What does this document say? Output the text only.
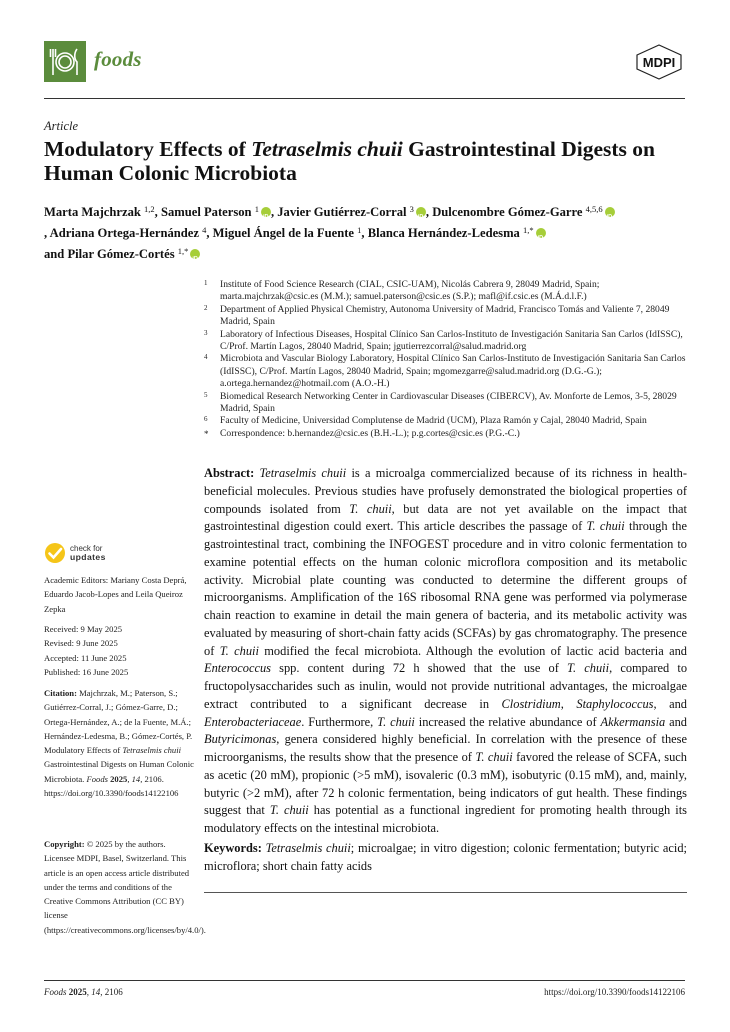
foods	MDPI
Article
Modulatory Effects of Tetraselmis chuii Gastrointestinal Digests on Human Colonic Microbiota
Marta Majchrzak $^{1,2}$, Samuel Paterson $^1$ iD , Javier Gutiérrez-Corral $^3$ iD , Dulcenombre Gómez-Garre $^{4,5,6}$iD
, Adriana Ortega-Hernández $^4$, Miguel Ángel de la Fuente $^1$, Blanca Hernández-Ledesma $^{1,*}$iD
and Pilar Gómez-Cortés $^{1,*}$iD
1 Institute of Food Science Research (CIAL, CSIC-UAM), Nicolás Cabrera 9, 28049 Madrid, Spain; marta.majchrzak@csic.es (M.M.); samuel.paterson@csic.es (S.P.); mafl@if.csic.es (M.Á.d.l.F.)
2 Department of Applied Physical Chemistry, Autonoma University of Madrid, Francisco Tomás and Valiente 7, 28049 Madrid, Spain
3 Laboratory of Infectious Diseases, Hospital Clínico San Carlos-Instituto de Investigación Sanitaria San Carlos (IdISSC), C/Prof. Martín Lagos, 28040 Madrid, Spain; jgutierrezcorral@salud.madrid.org
4 Microbiota and Vascular Biology Laboratory, Hospital Clínico San Carlos-Instituto de Investigación Sanitaria San Carlos (IdISSC), C/Prof. Martín Lagos, 28040 Madrid, Spain; mgomezgarre@salud.madrid.org (D.G.-G.); a.ortega.hernandez@hotmail.com (A.O.-H.)
5 Biomedical Research Networking Center in Cardiovascular Diseases (CIBERCV), Av. Monforte de Lemos, 3-5, 28029 Madrid, Spain
6 Faculty of Medicine, Universidad Complutense de Madrid (UCM), Plaza Ramón y Cajal, 28040 Madrid, Spain
* Correspondence: b.hernandez@csic.es (B.H.-L.); p.g.cortes@csic.es (P.G.-C.)
check for
updates
Academic Editors: Mariany Costa Deprá, Eduardo Jacob-Lopes and Leila Queiroz Zepka
Received: 9 May 2025
Revised: 9 June 2025
Accepted: 11 June 2025
Published: 16 June 2025
Citation: Majchrzak, M.; Paterson, S.; Gutiérrez-Corral, J.; Gómez-Garre, D.; Ortega-Hernández, A.; de la Fuente, M.Á.; Hernández-Ledesma, B.; Gómez-Cortés, P. Modulatory Effects of Tetraselmis chuii Gastrointestinal Digests on Human Colonic Microbiota. Foods 2025, 14, 2106. https://doi.org/10.3390/foods14122106
Copyright: © 2025 by the authors. Licensee MDPI, Basel, Switzerland. This article is an open access article distributed under the terms and conditions of the Creative Commons Attribution (CC BY) license (https://creativecommons.org/licenses/by/4.0/).
Abstract: Tetraselmis chuii is a microalga commercialized because of its richness in health-beneficial molecules. Previous studies have profusely demonstrated the biological properties of compounds isolated from T. chuii, but data are not yet available on the impact that gastrointestinal digestion could exert. This article describes the passage of T. chuii through the gastrointestinal tract, combining the INFOGEST procedure and in vitro colonic fermentation to examine potential effects on the human colonic microflora composition and its metabolic activity. Microbial plate counting was conducted to determine the different groups of microorganisms. Amplification of the 16S ribosomal RNA gene was performed via polymerase chain reaction to examine in detail the main genera of bacteria, and its metabolic activity was evaluated by measuring of short-chain fatty acids (SCFAs) by gas chromatography. The presence of T. chuii modified the fecal microbiota. Although the evolution of lactic acid bacteria and Enterococcus spp. content during 72 h showed that the use of T. chuii, compared to fructopolysaccharides such as inulin, would not provide nutritional advantages, the microalgae extract contributed to a significant decrease in Clostridium, Staphylococcus, and Enterobacteriaceae. Furthermore, T. chuii increased the relative abundance of Akkermansia and Butyricimonas, genera considered highly beneficial. In correlation with the presence of these microorganisms, the results show that the presence of T. chuii favored the release of SCFA, such as acetic (20 mM), propionic (>5 mM), isovaleric (0.3 mM), isobutyric (0.15 mM), and, mainly, butyric (>2 mM), after 72 h colonic fermentation, being indicators of gut health. These findings suggest that T. chuii has potential as a functional ingredient for promoting health through its modulatory effects on the intestinal microbiota.
Keywords: Tetraselmis chuii; microalgae; in vitro digestion; colonic fermentation; butyric acid; microflora; short chain fatty acids
Foods 2025, 14, 2106	https://doi.org/10.3390/foods14122106
